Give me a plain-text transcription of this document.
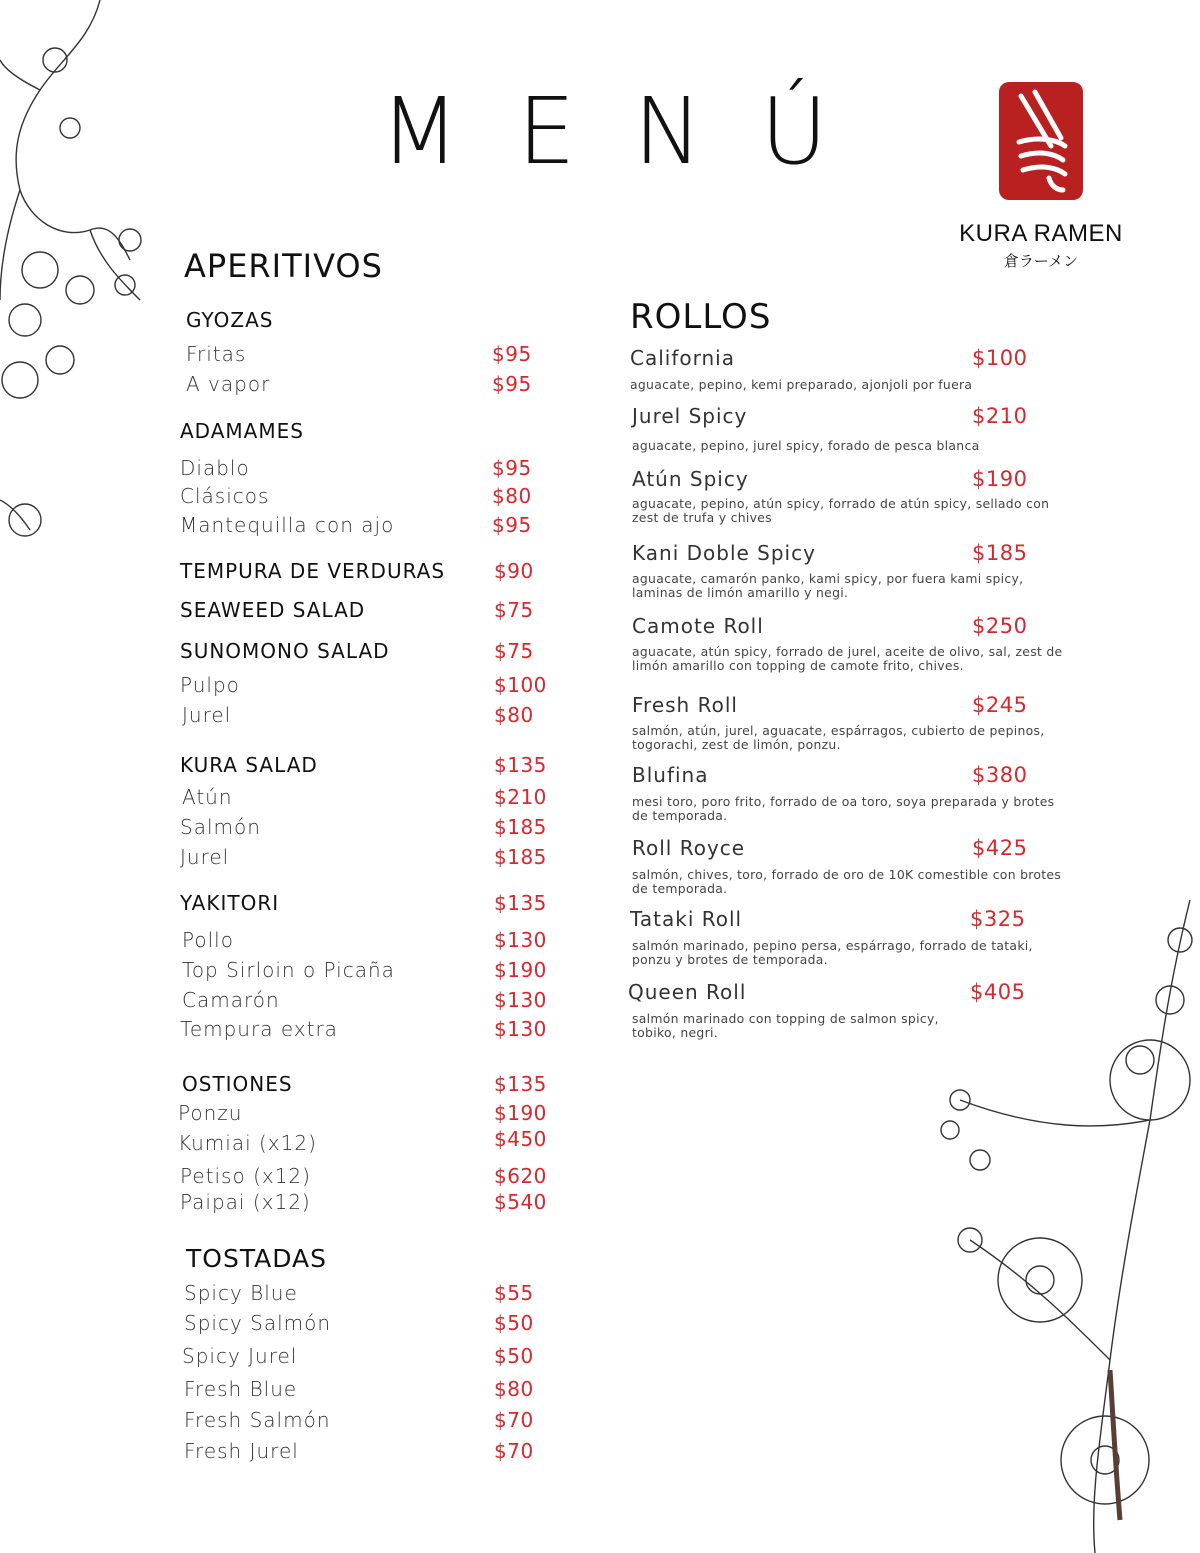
MENÚ
KURA RAMEN
倉ラーメン
APERITIVOS
GYOZAS
Fritas	$95
A vapor	$95
ADAMAMES
Diablo	$95
Clásicos	$80
Mantequilla con ajo	$95
TEMPURA DE VERDURAS $90
SEAWEED SALAD	$75
SUNOMONO SALAD	$75
Pulpo	$100
Jurel	$80
KURA SALAD	$135
Atún	$210
Salmón	$185
Jurel	$185
YAKITORI	$135
Pollo	$130
Top Sirloin o Picaña	$190
Camarón	$130
Tempura extra	$130
OSTIONES	$135
Ponzu	$190
Kumiai (x12)	$450
Petiso (x12)	$620
Paipai (x12)	$540
TOSTADAS
Spicy Blue	$55
Spicy Salmón	$50
Spicy Jurel	$50
Fresh Blue	$80
Fresh Salmón	$70
Fresh Jurel	$70
ROLLOS
California	$100
aguacate, pepino, kemi preparado, ajonjoli por fuera
Jurel Spicy	$210
aguacate, pepino, jurel spicy, forado de pesca blanca
Atún Spicy	$190
aguacate, pepino, atún spicy, forrado de atún spicy, sellado con zest de trufa y chives
Kani Doble Spicy	$185
aguacate, camarón panko, kami spicy, por fuera kami spicy, laminas de limón amarillo y negi.
Camote Roll	$250
aguacate, atún spicy, forrado de jurel, aceite de olivo, sal, zest de limón amarillo con topping de camote frito, chives.
Fresh Roll	$245
salmón, atún, jurel, aguacate, espárragos, cubierto de pepinos, togorachi, zest de limón, ponzu.
Blufina	$380
mesi toro, poro frito, forrado de oa toro, soya preparada y brotes de temporada.
Roll Royce	$425
salmón, chives, toro, forrado de oro de 10K comestible con brotes de temporada.
Tataki Roll	$325
salmón marinado, pepino persa, espárrago, forrado de tataki, ponzu y brotes de temporada.
Queen Roll	$405
salmón marinado con topping de salmon spicy, tobiko, negri.
